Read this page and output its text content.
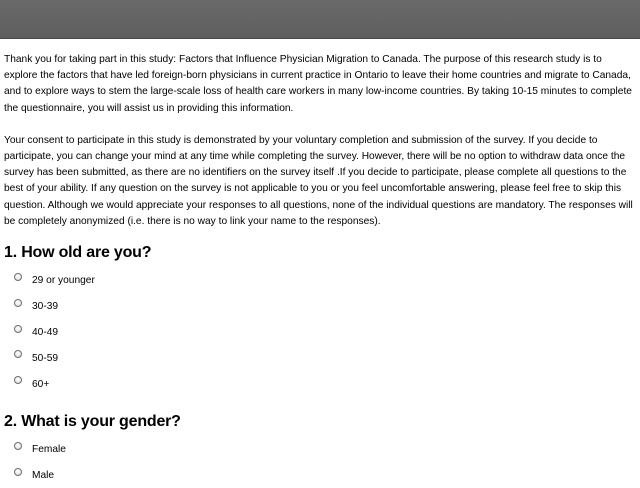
Thank you for taking part in this study: Factors that Influence Physician Migration to Canada. The purpose of this research study is to explore the factors that have led foreign-born physicians in current practice in Ontario to leave their home countries and migrate to Canada, and to explore ways to stem the large-scale loss of health care workers in many low-income countries. By taking 10-15 minutes to complete the questionnaire, you will assist us in providing this information.

Your consent to participate in this study is demonstrated by your voluntary completion and submission of the survey. If you decide to participate, you can change your mind at any time while completing the survey. However, there will be no option to withdraw data once the survey has been submitted, as there are no identifiers on the survey itself .If you decide to participate, please complete all questions to the best of your ability. If any question on the survey is not applicable to you or you feel uncomfortable answering, please feel free to skip this question. Although we would appreciate your responses to all questions, none of the individual questions are mandatory. The responses will be completely anonymized (i.e. there is no way to link your name to the responses).

1. How old are you?
29 or younger
30-39
40-49
50-59
60+
2. What is your gender?
Female
Male
